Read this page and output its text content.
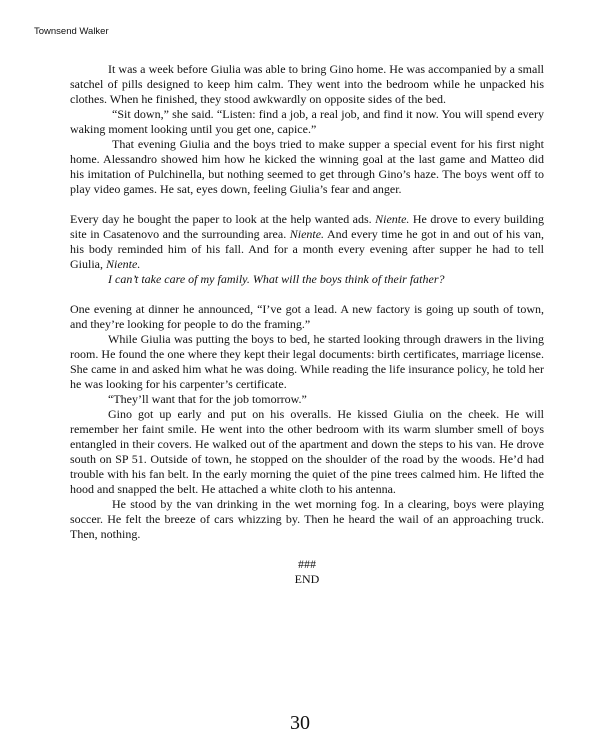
Townsend Walker

It was a week before Giulia was able to bring Gino home. He was accompanied by a small satchel of pills designed to keep him calm. They went into the bedroom while he unpacked his clothes. When he finished, they stood awkwardly on opposite sides of the bed.

“Sit down,” she said. “Listen: find a job, a real job, and find it now. You will spend every waking moment looking until you get one, capice.”

That evening Giulia and the boys tried to make supper a special event for his first night home. Alessandro showed him how he kicked the winning goal at the last game and Matteo did his imitation of Pulchinella, but nothing seemed to get through Gino’s haze. The boys went off to play video games. He sat, eyes down, feeling Giulia’s fear and anger.

Every day he bought the paper to look at the help wanted ads. Niente. He drove to every building site in Casatenovo and the surrounding area. Niente. And every time he got in and out of his van, his body reminded him of his fall. And for a month every evening after supper he had to tell Giulia, Niente.

I can’t take care of my family. What will the boys think of their father?

One evening at dinner he announced, “I’ve got a lead. A new factory is going up south of town, and they’re looking for people to do the framing.”

While Giulia was putting the boys to bed, he started looking through drawers in the living room. He found the one where they kept their legal documents: birth certificates, marriage license. She came in and asked him what he was doing. While reading the life insurance policy, he told her he was looking for his carpenter’s certificate.

“They’ll want that for the job tomorrow.”

Gino got up early and put on his overalls. He kissed Giulia on the cheek. He will remember her faint smile. He went into the other bedroom with its warm slumber smell of boys entangled in their covers. He walked out of the apartment and down the steps to his van. He drove south on SP 51. Outside of town, he stopped on the shoulder of the road by the woods. He’d had trouble with his fan belt. In the early morning the quiet of the pine trees calmed him. He lifted the hood and snapped the belt. He attached a white cloth to his antenna.

He stood by the van drinking in the wet morning fog. In a clearing, boys were playing soccer. He felt the breeze of cars whizzing by. Then he heard the wail of an approaching truck. Then, nothing.

###

END

30
